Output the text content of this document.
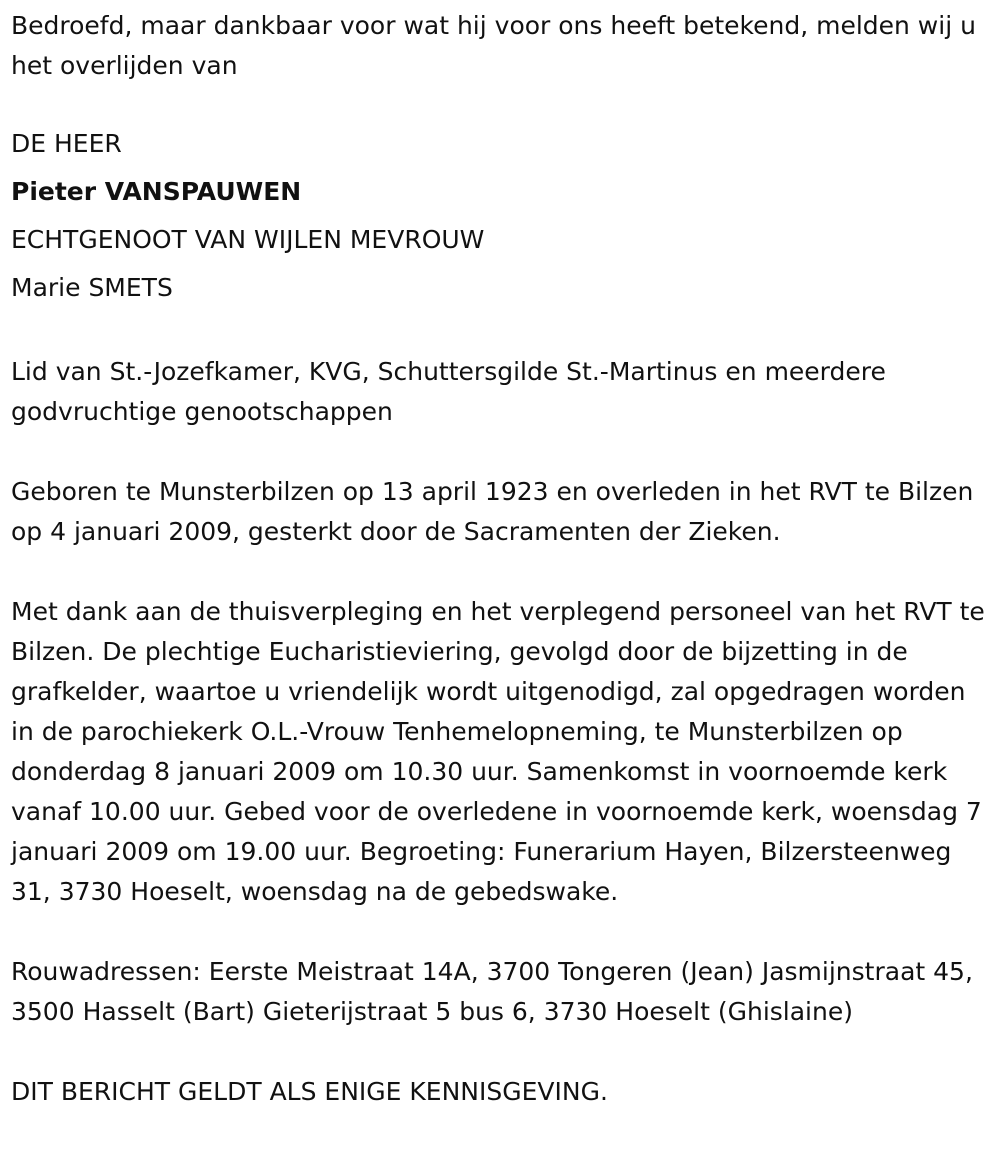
Bedroefd, maar dankbaar voor wat hij voor ons heeft betekend, melden wij u het overlijden van

DE HEER

Pieter VANSPAUWEN

ECHTGENOOT VAN WIJLEN MEVROUW

Marie SMETS

Lid van St.-Jozefkamer, KVG, Schuttersgilde St.-Martinus en meerdere godvruchtige genootschappen

Geboren te Munsterbilzen op 13 april 1923 en overleden in het RVT te Bilzen op 4 januari 2009, gesterkt door de Sacramenten der Zieken.

Met dank aan de thuisverpleging en het verplegend personeel van het RVT te Bilzen. De plechtige Eucharistieviering, gevolgd door de bijzetting in de grafkelder, waartoe u vriendelijk wordt uitgenodigd, zal opgedragen worden in de parochiekerk O.L.-Vrouw Tenhemelopneming, te Munsterbilzen op donderdag 8 januari 2009 om 10.30 uur. Samenkomst in voornoemde kerk vanaf 10.00 uur. Gebed voor de overledene in voornoemde kerk, woensdag 7 januari 2009 om 19.00 uur. Begroeting: Funerarium Hayen, Bilzersteenweg 31, 3730 Hoeselt, woensdag na de gebedswake.

Rouwadressen: Eerste Meistraat 14A, 3700 Tongeren (Jean) Jasmijnstraat 45, 3500 Hasselt (Bart) Gieterijstraat 5 bus 6, 3730 Hoeselt (Ghislaine)

DIT BERICHT GELDT ALS ENIGE KENNISGEVING.
